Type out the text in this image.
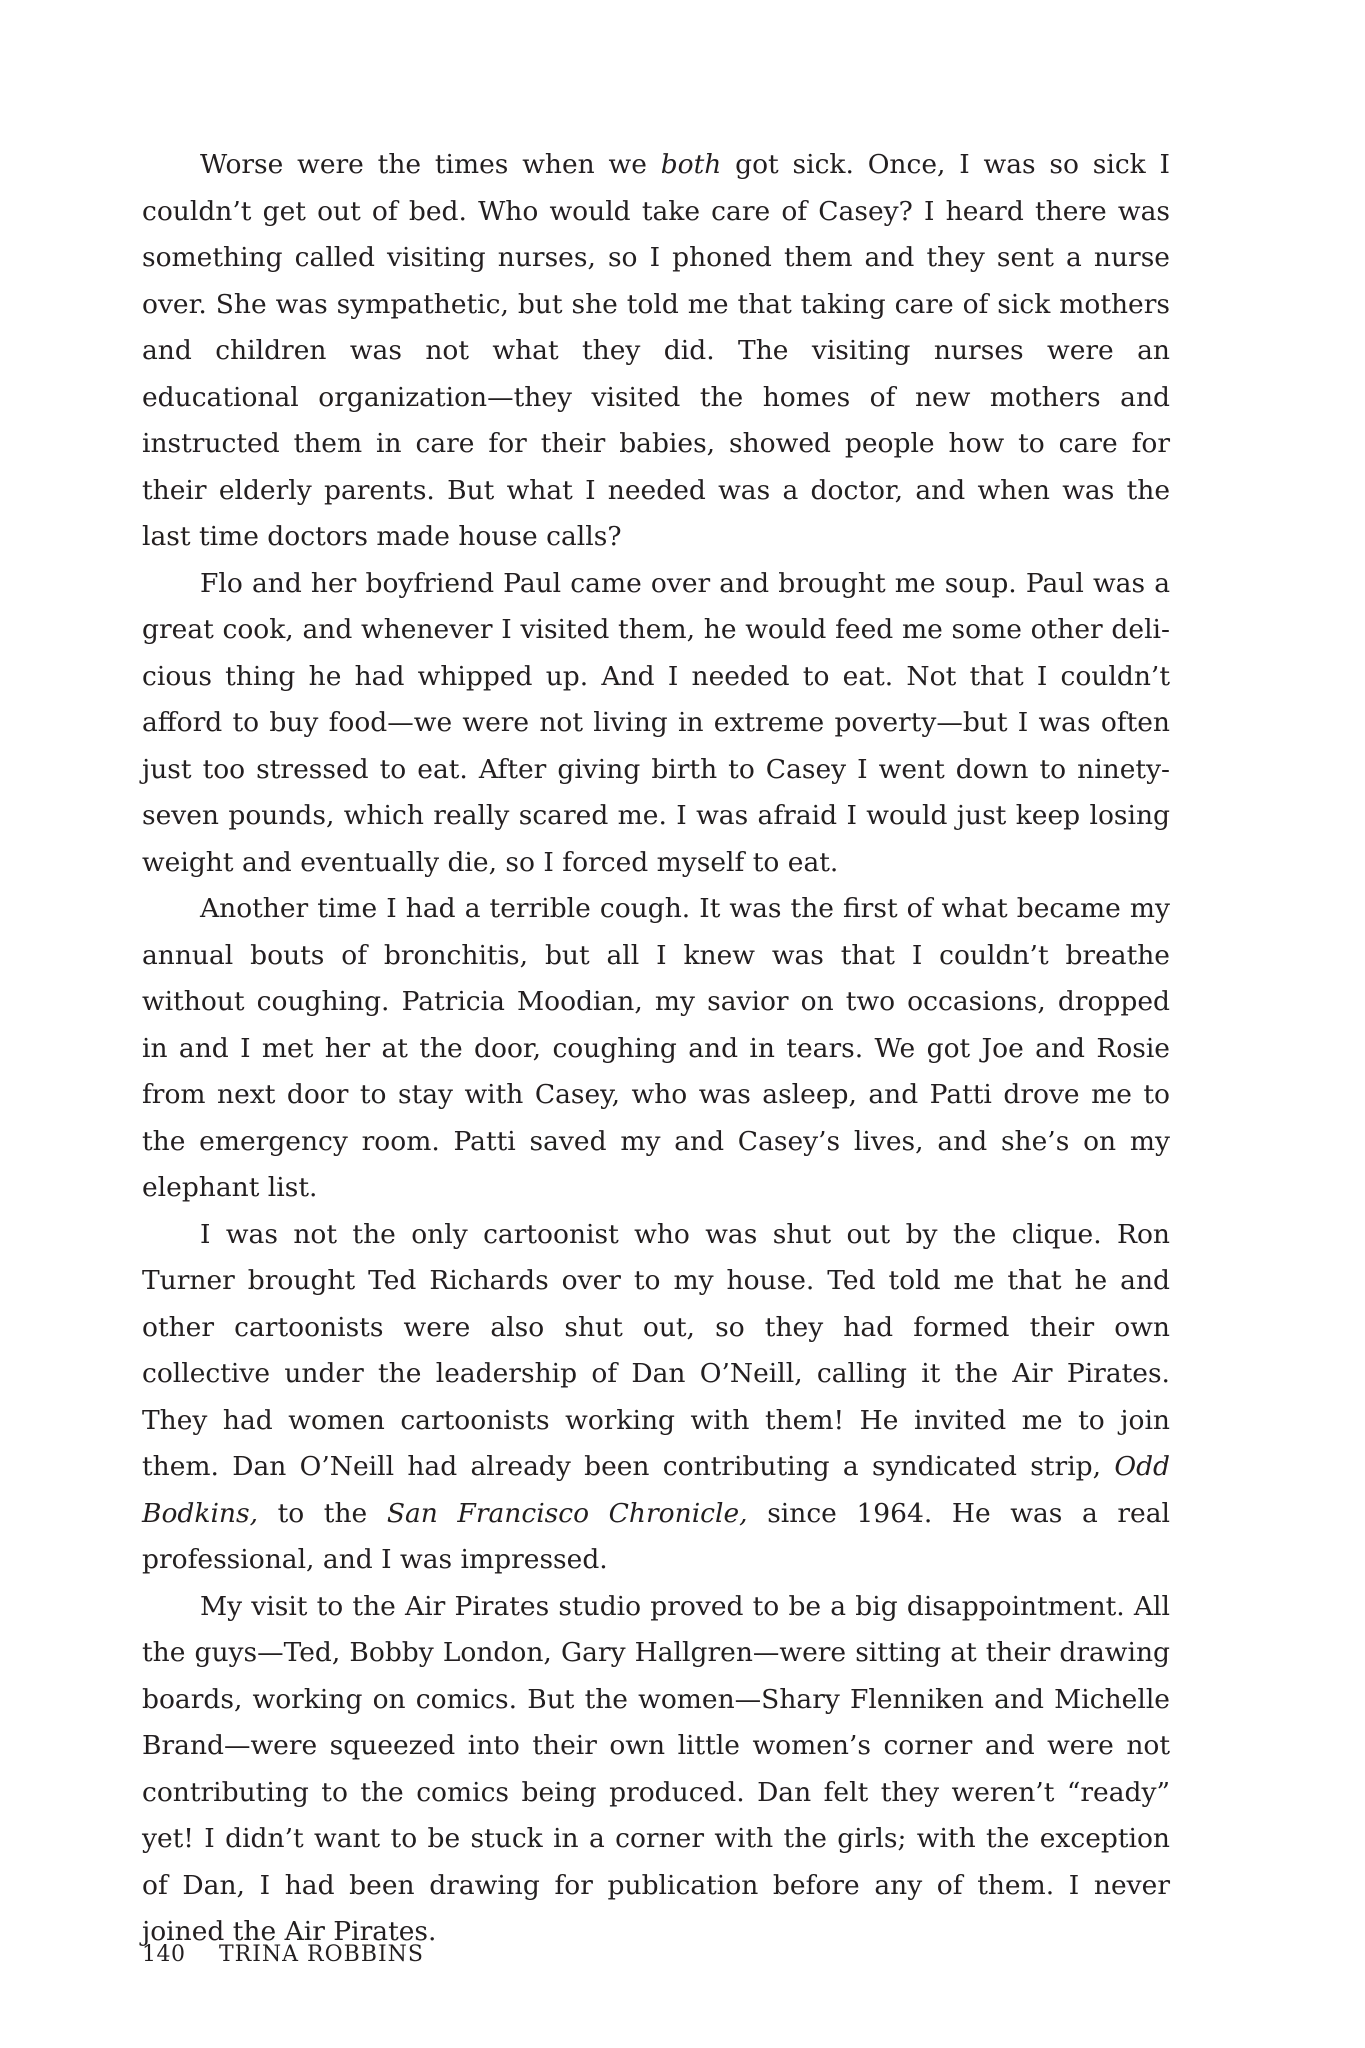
Worse were the times when we both got sick. Once, I was so sick I couldn’t get out of bed. Who would take care of Casey? I heard there was something called visiting nurses, so I phoned them and they sent a nurse over. She was sympathetic, but she told me that taking care of sick mothers and children was not what they did. The visiting nurses were an educational organization—they visited the homes of new mothers and instructed them in care for their babies, showed people how to care for their elderly parents. But what I needed was a doctor, and when was the last time doctors made house calls?

Flo and her boyfriend Paul came over and brought me soup. Paul was a great cook, and whenever I visited them, he would feed me some other delicious thing he had whipped up. And I needed to eat. Not that I couldn’t afford to buy food—we were not living in extreme poverty—but I was often just too stressed to eat. After giving birth to Casey I went down to ninety-seven pounds, which really scared me. I was afraid I would just keep losing weight and eventually die, so I forced myself to eat.

Another time I had a terrible cough. It was the first of what became my annual bouts of bronchitis, but all I knew was that I couldn’t breathe without coughing. Patricia Moodian, my savior on two occasions, dropped in and I met her at the door, coughing and in tears. We got Joe and Rosie from next door to stay with Casey, who was asleep, and Patti drove me to the emergency room. Patti saved my and Casey’s lives, and she’s on my elephant list.

I was not the only cartoonist who was shut out by the clique. Ron Turner brought Ted Richards over to my house. Ted told me that he and other cartoonists were also shut out, so they had formed their own collective under the leadership of Dan O’Neill, calling it the Air Pirates. They had women cartoonists working with them! He invited me to join them. Dan O’Neill had already been contributing a syndicated strip, Odd Bodkins, to the San Francisco Chronicle, since 1964. He was a real professional, and I was impressed.

My visit to the Air Pirates studio proved to be a big disappointment. All the guys—Ted, Bobby London, Gary Hallgren—were sitting at their drawing boards, working on comics. But the women—Shary Flenniken and Michelle Brand—were squeezed into their own little women’s corner and were not contributing to the comics being produced. Dan felt they weren’t “ready” yet! I didn’t want to be stuck in a corner with the girls; with the exception of Dan, I had been drawing for publication before any of them. I never joined the Air Pirates.

140 TRINA ROBBINS
